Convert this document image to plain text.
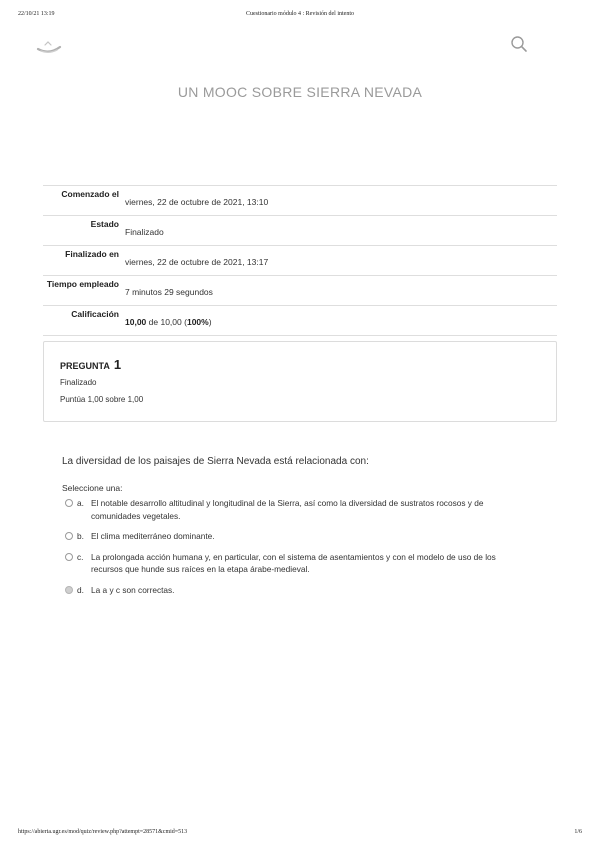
22/10/21 13:19	Cuestionario módulo 4 : Revisión del intento
UN MOOC SOBRE SIERRA NEVADA
Comenzado el
viernes, 22 de octubre de 2021, 13:10
Estado
Finalizado
Finalizado en
viernes, 22 de octubre de 2021, 13:17
Tiempo empleado
7 minutos 29 segundos
Calificación
10,00 de 10,00 (100%)
PREGUNTA 1
Finalizado
Puntúa 1,00 sobre 1,00
La diversidad de los paisajes de Sierra Nevada está relacionada con:
Seleccione una:
a. El notable desarrollo altitudinal y longitudinal de la Sierra, así como la diversidad de sustratos rocosos y de comunidades vegetales.
b. El clima mediterráneo dominante.
c. La prolongada acción humana y, en particular, con el sistema de asentamientos y con el modelo de uso de los recursos que hunde sus raíces en la etapa árabe-medieval.
d. La a y c son correctas.
https://abierta.ugr.es/mod/quiz/review.php?attempt=28571&cmid=513	1/6
